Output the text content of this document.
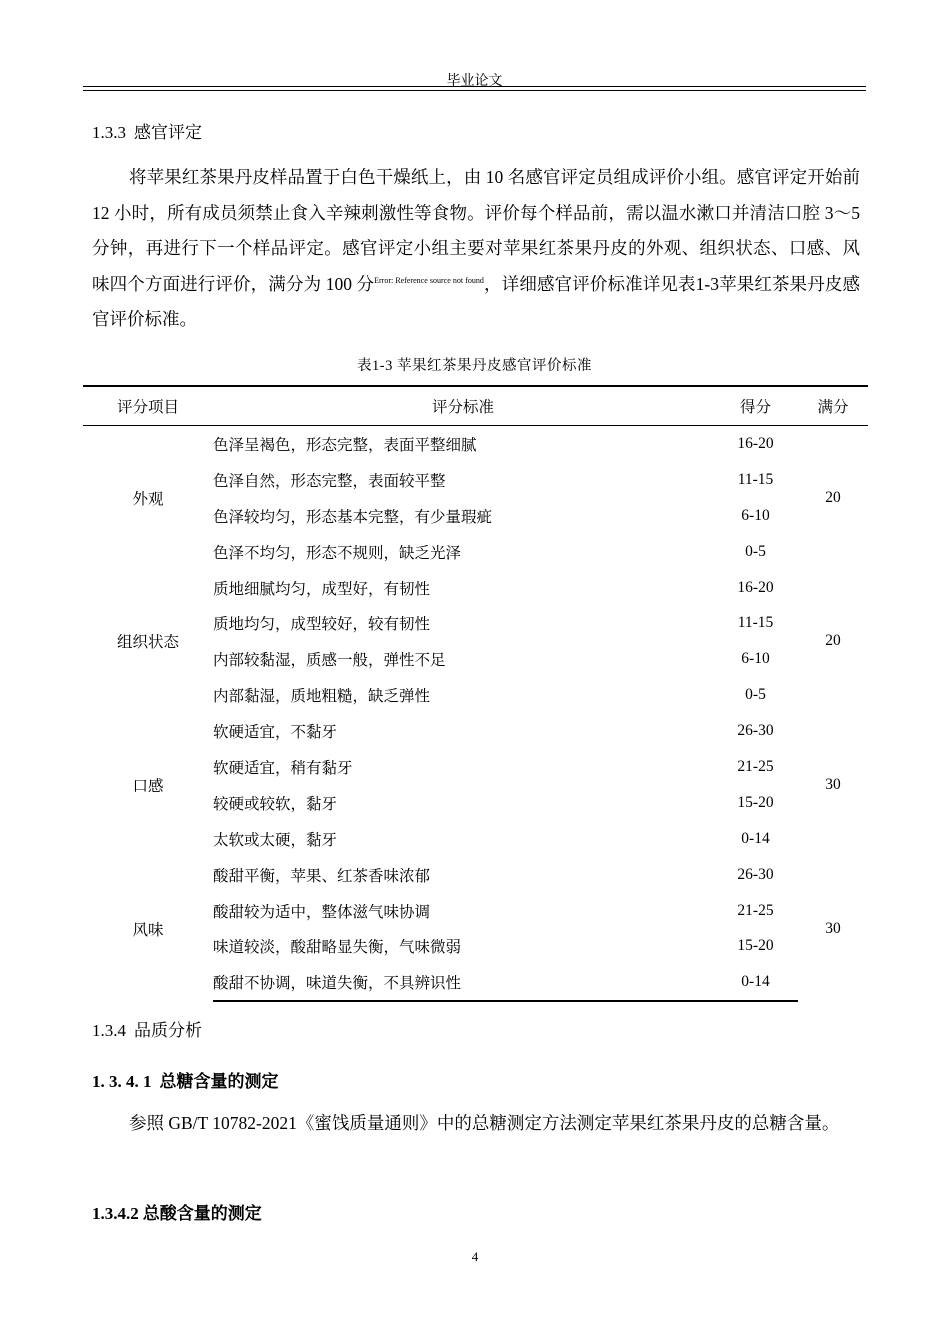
毕业论文
1.3.3 感官评定
将苹果红茶果丹皮样品置于白色干燥纸上，由 10 名感官评定员组成评价小组。感官评定开始前 12 小时，所有成员须禁止食入辛辣刺激性等食物。评价每个样品前，需以温水漱口并清洁口腔 3～5 分钟，再进行下一个样品评定。感官评定小组主要对苹果红茶果丹皮的外观、组织状态、口感、风味四个方面进行评价，满分为 100 分$^{Error: Reference source not found}$，详细感官评价标准详见表1-3苹果红茶果丹皮感官评价标准。
表1-3 苹果红茶果丹皮感官评价标准
评分项目	评分标准	得分	满分
外观	色泽呈褐色，形态完整，表面平整细腻	16-20	20
	色泽自然，形态完整，表面较平整	11-15	
	色泽较均匀，形态基本完整，有少量瑕疵	6-10	
	色泽不均匀，形态不规则，缺乏光泽	0-5	
组织状态	质地细腻均匀，成型好，有韧性	16-20	20
	质地均匀，成型较好，较有韧性	11-15	
	内部较黏湿，质感一般，弹性不足	6-10	
	内部黏湿，质地粗糙，缺乏弹性	0-5	
口感	软硬适宜，不黏牙	26-30	30
	软硬适宜，稍有黏牙	21-25	
	较硬或较软，黏牙	15-20	
	太软或太硬，黏牙	0-14	
风味	酸甜平衡，苹果、红茶香味浓郁	26-30	30
	酸甜较为适中，整体滋气味协调	21-25	
	味道较淡，酸甜略显失衡，气味微弱	15-20	
	酸甜不协调，味道失衡，不具辨识性	0-14	
1.3.4 品质分析
1. 3. 4. 1 总糖含量的测定
参照 GB/T 10782-2021《蜜饯质量通则》中的总糖测定方法测定苹果红茶果丹皮的总糖含量。
1.3.4.2 总酸含量的测定
4
